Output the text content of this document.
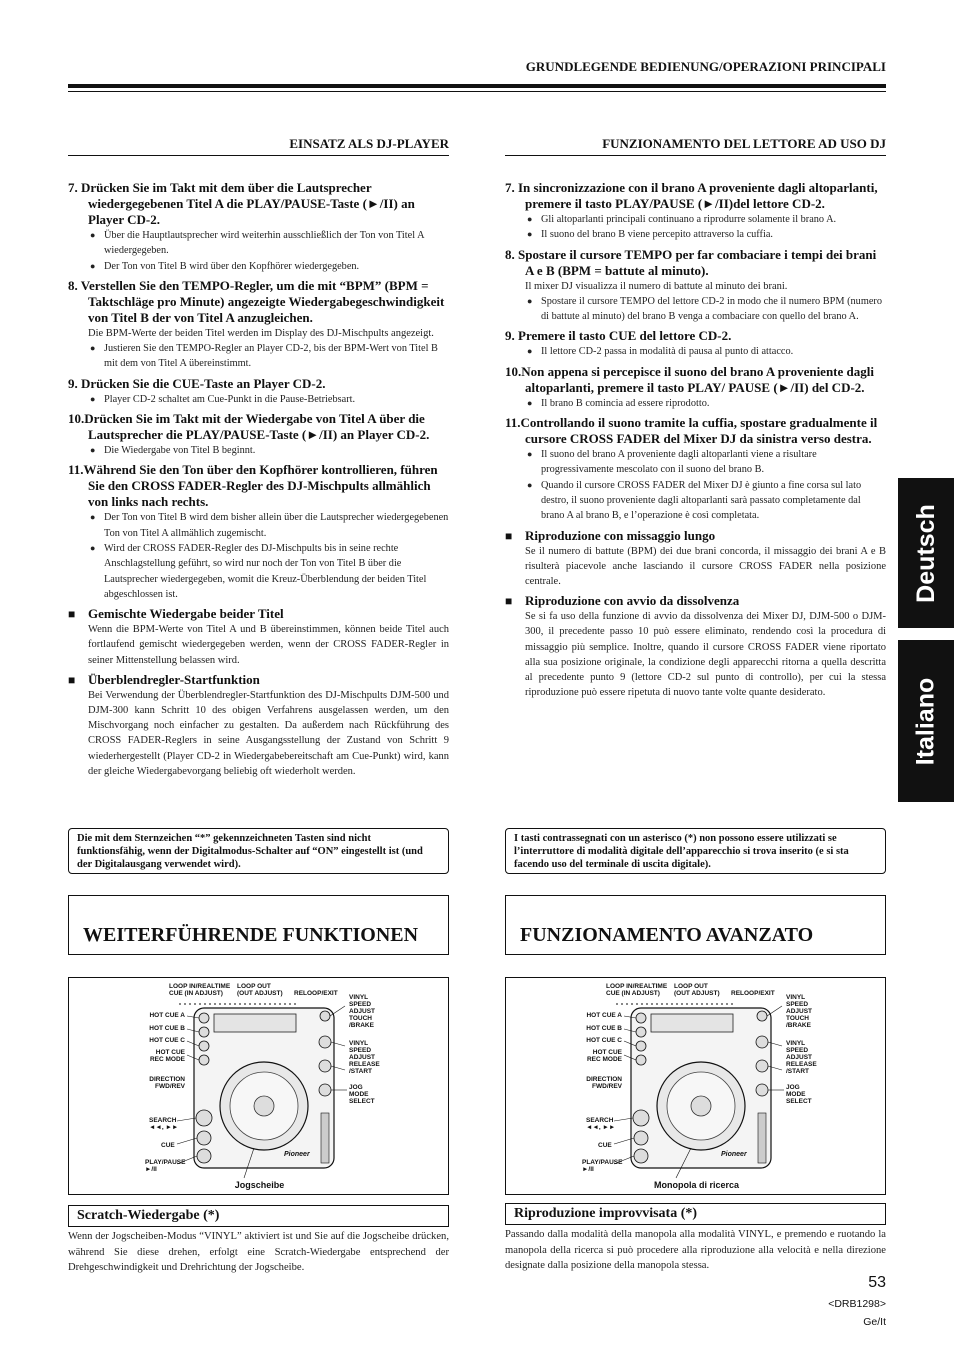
GRUNDLEGENDE BEDIENUNG/OPERAZIONI PRINCIPALI
EINSATZ ALS DJ-PLAYER	FUNZIONAMENTO DEL LETTORE AD USO DJ
7. Drücken Sie im Takt mit dem über die Lautsprecher wiedergegebenen Titel A die PLAY/PAUSE-Taste (►/II) an Player CD-2.
● Über die Hauptlautsprecher wird weiterhin ausschließlich der Ton von Titel A wiedergegeben.
● Der Ton von Titel B wird über den Kopfhörer wiedergegeben.
8. Verstellen Sie den TEMPO-Regler, um die mit “BPM” (BPM = Taktschläge pro Minute) angezeigte Wiedergabegeschwindigkeit von Titel B der von Titel A anzugleichen.
Die BPM-Werte der beiden Titel werden im Display des DJ-Mischpults angezeigt.
● Justieren Sie den TEMPO-Regler an Player CD-2, bis der BPM-Wert von Titel B mit dem von Titel A übereinstimmt.
9. Drücken Sie die CUE-Taste an Player CD-2.
● Player CD-2 schaltet am Cue-Punkt in die Pause-Betriebsart.
10.Drücken Sie im Takt mit der Wiedergabe von Titel A über die Lautsprecher die PLAY/PAUSE-Taste (►/II) an Player CD-2.
● Die Wiedergabe von Titel B beginnt.
11.Während Sie den Ton über den Kopfhörer kontrollieren, führen Sie den CROSS FADER-Regler des DJ-Mischpults allmählich von links nach rechts.
● Der Ton von Titel B wird dem bisher allein über die Lautsprecher wiedergegebenen Ton von Titel A allmählich zugemischt.
● Wird der CROSS FADER-Regler des DJ-Mischpults bis in seine rechte Anschlagstellung geführt, so wird nur noch der Ton von Titel B über die Lautsprecher wiedergegeben, womit die Kreuz-Überblendung der beiden Titel abgeschlossen ist.
■ Gemischte Wiedergabe beider Titel
Wenn die BPM-Werte von Titel A und B übereinstimmen, können beide Titel auch fortlaufend gemischt wiedergegeben werden, wenn der CROSS FADER-Regler in seiner Mittenstellung belassen wird.
■ Überblendregler-Startfunktion
Bei Verwendung der Überblendregler-Startfunktion des DJ-Mischpults DJM-500 und DJM-300 kann Schritt 10 des obigen Verfahrens ausgelassen werden, um den Mischvorgang noch einfacher zu gestalten. Da außerdem nach Rückführung des CROSS FADER-Reglers in seine Ausgangsstellung der Zustand von Schritt 9 wiederhergestellt (Player CD-2 in Wiedergabebereitschaft am Cue-Punkt) wird, kann der gleiche Wiedergabevorgang beliebig oft wiederholt werden.
7. In sincronizzazione con il brano A proveniente dagli altoparlanti, premere il tasto PLAY/PAUSE (►/II)del lettore CD-2.
● Gli altoparlanti principali continuano a riprodurre solamente il brano A.
● Il suono del brano B viene percepito attraverso la cuffia.
8. Spostare il cursore TEMPO per far combaciare i tempi dei brani A e B (BPM = battute al minuto).
Il mixer DJ visualizza il numero di battute al minuto dei brani.
● Spostare il cursore TEMPO del lettore CD-2 in modo che il numero BPM (numero di battute al minuto) del brano B venga a combaciare con quello del brano A.
9. Premere il tasto CUE del lettore CD-2.
● Il lettore CD-2 passa in modalità di pausa al punto di attacco.
10.Non appena si percepisce il suono del brano A proveniente dagli altoparlanti, premere il tasto PLAY/ PAUSE (►/II) del CD-2.
● Il brano B comincia ad essere riprodotto.
11.Controllando il suono tramite la cuffia, spostare gradualmente il cursore CROSS FADER del Mixer DJ da sinistra verso destra.
● Il suono del brano A proveniente dagli altoparlanti viene a risultare progressivamente mescolato con il suono del brano B.
● Quando il cursore CROSS FADER del Mixer DJ è giunto a fine corsa sul lato destro, il suono proveniente dagli altoparlanti sarà passato completamente dal brano A al brano B, e l’operazione è così completata.
■ Riproduzione con missaggio lungo
Se il numero di battute (BPM) dei due brani concorda, il missaggio dei brani A e B risulterà piacevole anche lasciando il cursore CROSS FADER nella posizione centrale.
■ Riproduzione con avvio da dissolvenza
Se si fa uso della funzione di avvio da dissolvenza dei Mixer DJ, DJM-500 o DJM-300, il precedente passo 10 può essere eliminato, rendendo così la procedura di missaggio più semplice. Inoltre, quando il cursore CROSS FADER viene riportato alla sua posizione originale, la condizione degli apparecchi ritorna a quella descritta al precedente punto 9 (lettore CD-2 sul punto di controllo), per cui la stessa riproduzione può essere ripetuta di nuovo tante volte quante desiderato.
Die mit dem Sternzeichen “*” gekennzeichneten Tasten sind nicht funktionsfähig, wenn der Digitalmodus-Schalter auf “ON” eingestellt ist (und der Digitalausgang verwendet wird).
I tasti contrassegnati con un asterisco (*) non possono essere utilizzati se l’interruttore di modalità digitale dell’apparecchio si trova inserito (e si sta facendo uso del terminale di uscita digitale).
Deutsch
Italiano
WEITERFÜHRENDE FUNKTIONEN	FUNZIONAMENTO AVANZATO
LOOP IN/REALTIME
CUE (IN ADJUST)
LOOP OUT
(OUT ADJUST) RELOOP/EXIT
HOT CUE A
HOT CUE B
HOT CUE C
HOT CUE
REC MODE
DIRECTION
FWD/REV
SEARCH
◄◄, ►►
CUE
PLAY/PAUSE
►/II
VINYL
SPEED
ADJUST
TOUCH
/BRAKE
VINYL
SPEED
ADJUST
RELEASE
/START
JOG
MODE
SELECT
Pioneer
Jogscheibe
LOOP IN/REALTIME
CUE (IN ADJUST)
LOOP OUT
(OUT ADJUST) RELOOP/EXIT
HOT CUE A
HOT CUE B
HOT CUE C
HOT CUE
REC MODE
DIRECTION
FWD/REV
SEARCH
◄◄, ►►
CUE
PLAY/PAUSE
►/II
VINYL
SPEED
ADJUST
TOUCH
/BRAKE
VINYL
SPEED
ADJUST
RELEASE
/START
JOG
MODE
SELECT
Pioneer
Monopola di ricerca
Scratch-Wiedergabe (*)	Riproduzione improvvisata (*)
Wenn der Jogscheiben-Modus “VINYL” aktiviert ist und Sie auf die Jogscheibe drücken, während Sie diese drehen, erfolgt eine Scratch-Wiedergabe entsprechend der Drehgeschwindigkeit und Drehrichtung der Jogscheibe.
Passando dalla modalità della manopola alla modalità VINYL, e premendo e ruotando la manopola della ricerca si può procedere alla riproduzione alla velocità e nella direzione designate dalla posizione della manopola stessa.
53
<DRB1298>
Ge/It
